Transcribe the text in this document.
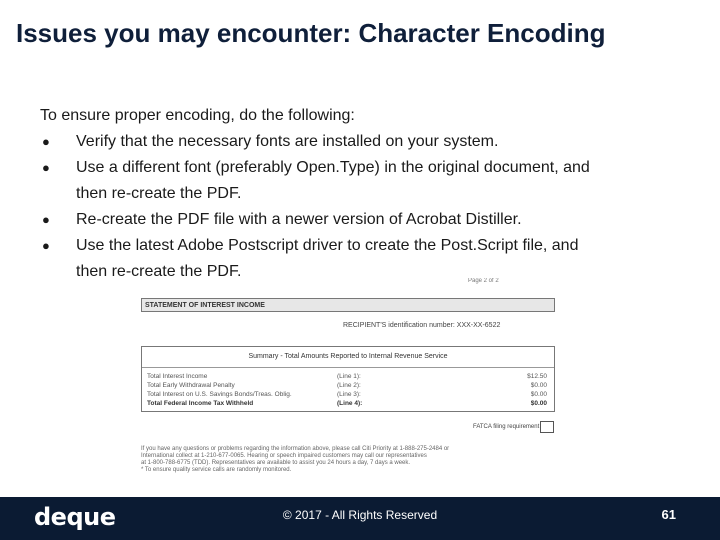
Issues you may encounter: Character Encoding

To ensure proper encoding, do the following:

● Verify that the necessary fonts are installed on your system.
● Use a different font (preferably Open.Type) in the original document, and
then re-create the PDF.
● Re-create the PDF file with a newer version of Acrobat Distiller.
● Use the latest Adobe Postscript driver to create the Post.Script file, and
then re-create the PDF.
Page 2 of 2
STATEMENT OF INTEREST INCOME
RECIPIENT'S identification number: XXX-XX-6522
Summary - Total Amounts Reported to Internal Revenue Service
Total Interest Income	(Line 1):	$12.50
Total Early Withdrawal Penalty	(Line 2):	$0.00
Total Interest on U.S. Savings Bonds/Treas. Oblig.	(Line 3):	$0.00
Total Federal Income Tax Withheld	(Line 4):	$0.00
FATCA filing requirement
If you have any questions or problems regarding the information above, please call Citi Priority at 1-888-275-2484 or
International collect at 1-210-677-0065. Hearing or speech impaired customers may call our representatives
at 1-800-788-6775 (TDD). Representatives are available to assist you 24 hours a day, 7 days a week.
* To ensure quality service calls are randomly monitored.
deque	© 2017 - All Rights Reserved	61
